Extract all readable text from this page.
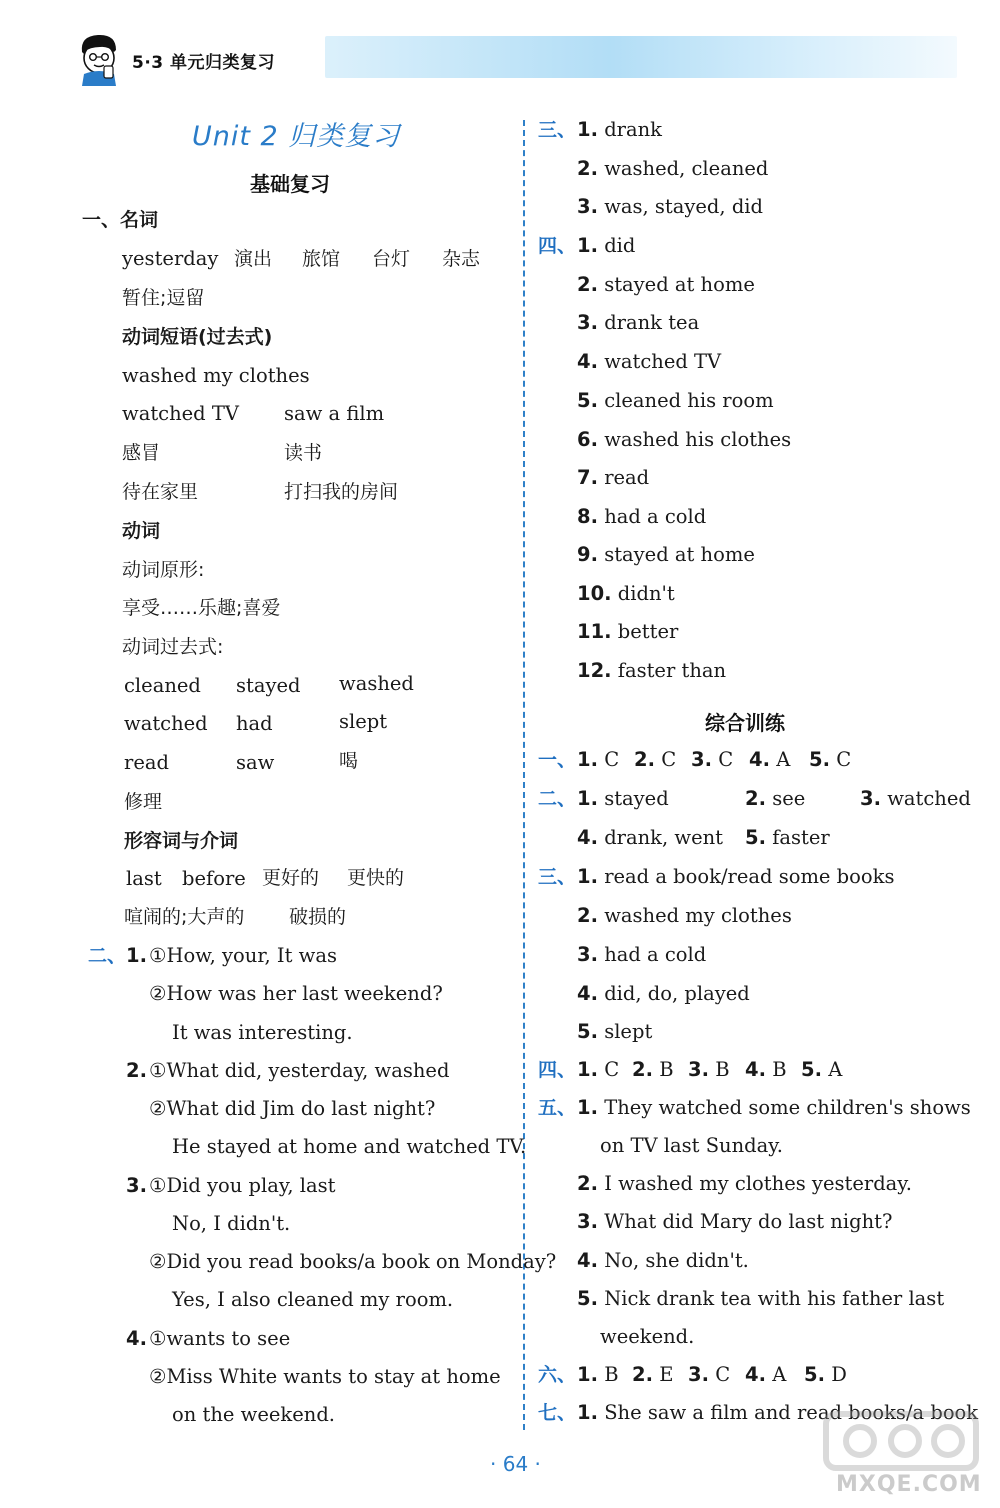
5·3 单元归类复习
Unit 2 归类复习
基础复习
一、名词
yesterday 演出 旅馆 台灯 杂志
暂住;逗留
动词短语(过去式)
washed my clothes
watched TV saw a film
感冒	读书
待在家里	打扫我的房间
动词
动词原形:
享受……乐趣;喜爱
动词过去式:
cleaned stayed washed
watched had	slept
read	saw	喝
修理
形容词与介词
last before 更好的 更快的
喧闹的;大声的 破损的
二、 1. ①How, your, It was
②How was her last weekend?
It was interesting.
2. ①What did, yesterday, washed
②What did Jim do last night?
He stayed at home and watched TV.
3. ①Did you play, last
No, I didn't.
②Did you read books/a book on Monday?
Yes, I also cleaned my room.
4. ①wants to see
②Miss White wants to stay at home
on the weekend.
三、 1. drank
2. washed, cleaned
3. was, stayed, did
四、 1. did
2. stayed at home
3. drank tea
4. watched TV
5. cleaned his room
6. washed his clothes
7. read
8. had a cold
9. stayed at home
10. didn't
11. better
12. faster than
综合训练
一、 1. C 2. C 3. C 4. A 5. C
二、 1. stayed	2. see	3. watched
4. drank, went 5. faster
三、 1. read a book/read some books
2. washed my clothes
3. had a cold
4. did, do, played
5. slept
四、 1. C 2. B 3. B 4. B 5. A
五、 1. They watched some children's shows
on TV last Sunday.
2. I washed my clothes yesterday.
3. What did Mary do last night?
4. No, she didn't.
5. Nick drank tea with his father last
weekend.
六、 1. B 2. E 3. C 4. A 5. D
七、 1. She saw a film and read books/a book
· 64 ·
MXQE.COM
